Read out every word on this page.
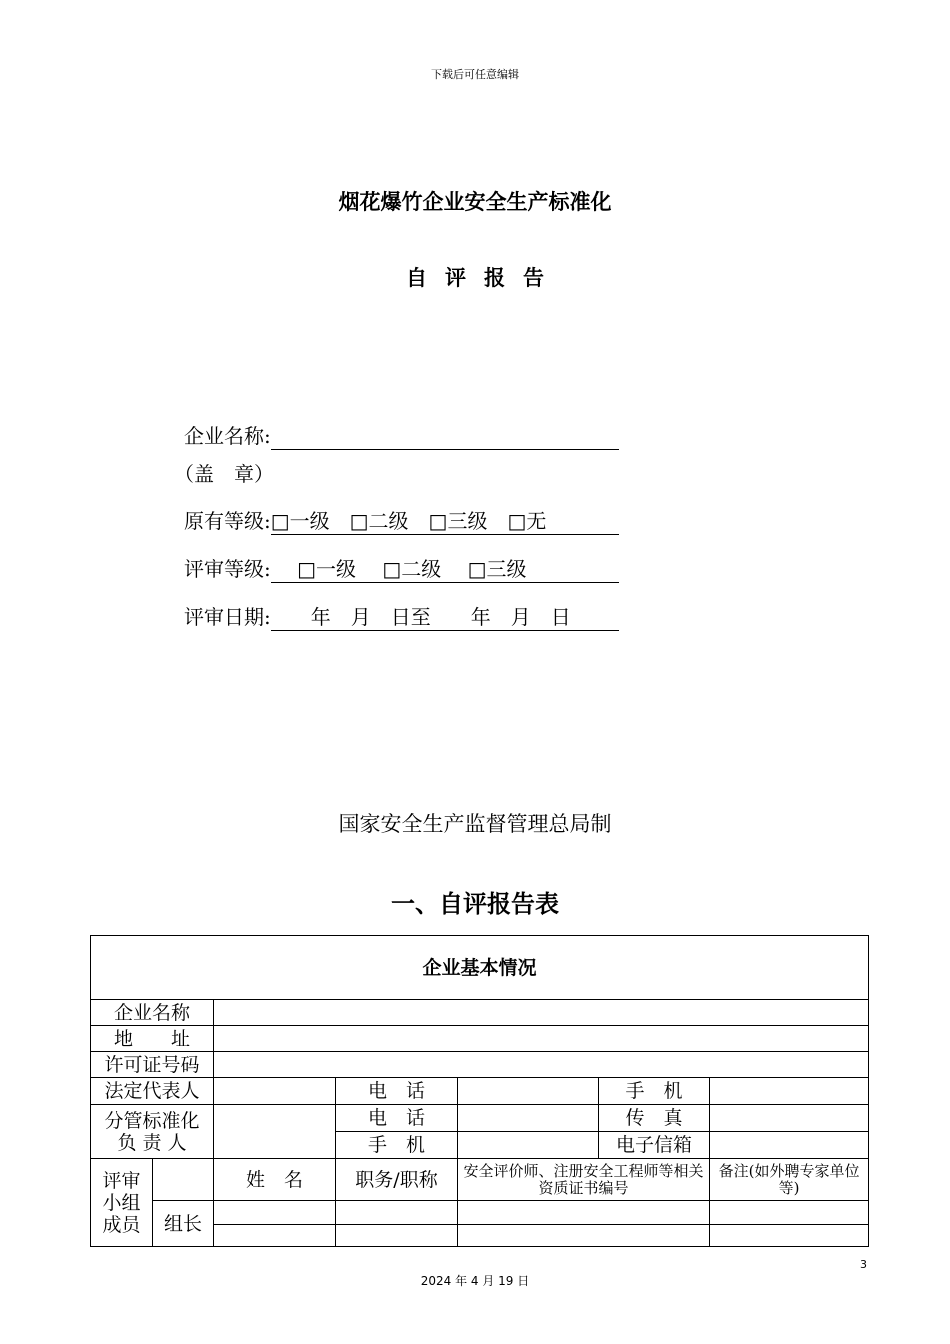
下载后可任意编辑
烟花爆竹企业安全生产标准化
自评报告
企业名称:
（盖　章）
原有等级:□一级　□二级　□三级　□无
评审等级:　 □一级　 □二级　 □三级　
评审日期:　　年　月　日至　　年　月　日
国家安全生产监督管理总局制
一、自评报告表
企业基本情况					
企业名称					
地　　址					
许可证号码					
法定代表人			电　话	手　机	

分管标准化
负 责 人			电　话	传　真	

			手　机	电子信箱	

评审
小组
成员		姓　名	职务/职称	安全评价师、注册安全工程师等相关资质证书编号	备注(如外聘专家单位等)
	组长				

3
2024 年 4 月 19 日
